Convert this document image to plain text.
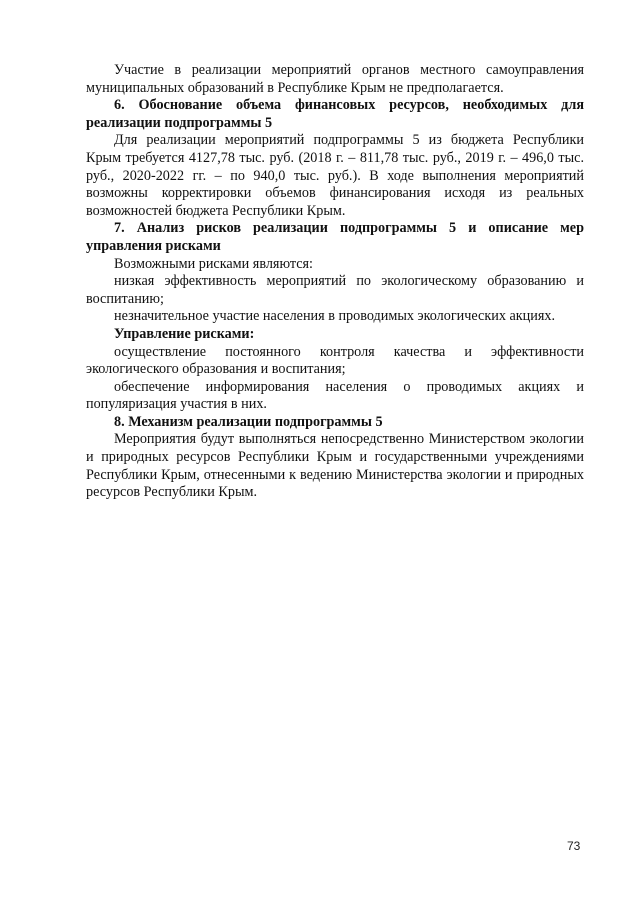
Участие в реализации мероприятий органов местного самоуправления муниципальных образований в Республике Крым не предполагается.

6. Обоснование объема финансовых ресурсов, необходимых для реализации подпрограммы 5

Для реализации мероприятий подпрограммы 5 из бюджета Республики Крым требуется 4127,78 тыс. руб. (2018 г. – 811,78 тыс. руб., 2019 г. – 496,0 тыс. руб., 2020-2022 гг. – по 940,0 тыс. руб.). В ходе выполнения мероприятий возможны корректировки объемов финансирования исходя из реальных возможностей бюджета Республики Крым.

7. Анализ рисков реализации подпрограммы 5 и описание мер управления рисками

Возможными рисками являются:

низкая эффективность мероприятий по экологическому образованию и воспитанию;

незначительное участие населения в проводимых экологических акциях.

Управление рисками:

осуществление постоянного контроля качества и эффективности экологического образования и воспитания;

обеспечение информирования населения о проводимых акциях и популяризация участия в них.

8. Механизм реализации подпрограммы 5

Мероприятия будут выполняться непосредственно Министерством экологии и природных ресурсов Республики Крым и государственными учреждениями Республики Крым, отнесенными к ведению Министерства экологии и природных ресурсов Республики Крым.

73
